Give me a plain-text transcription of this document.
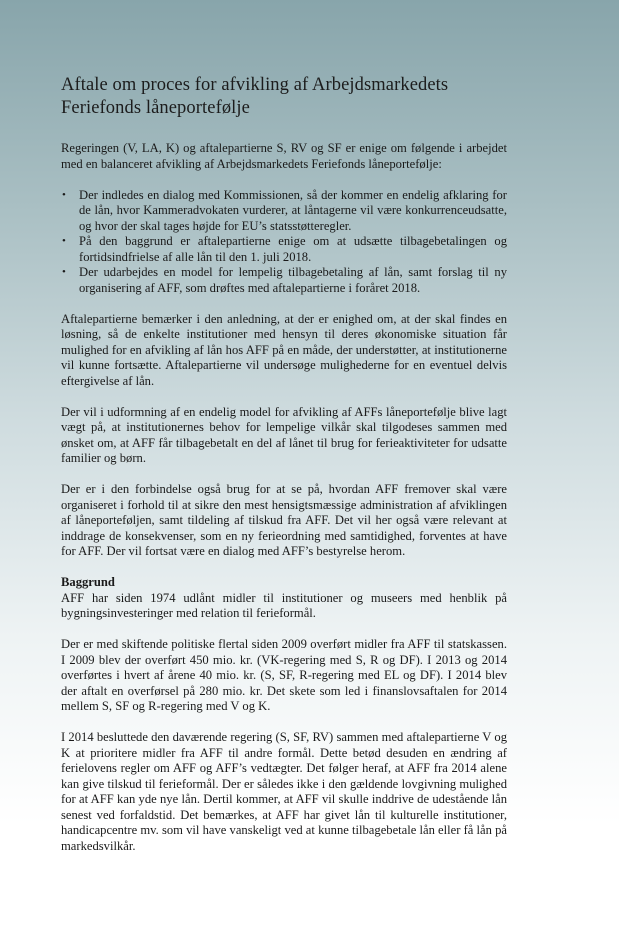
Aftale om proces for afvikling af Arbejdsmarkedets Feriefonds låneportefølje

Regeringen (V, LA, K) og aftalepartierne S, RV og SF er enige om følgende i arbejdet med en balanceret afvikling af Arbejdsmarkedets Feriefonds låneportefølje:

• Der indledes en dialog med Kommissionen, så der kommer en endelig afklaring for de lån, hvor Kammeradvokaten vurderer, at låntagerne vil være konkurrenceudsatte, og hvor der skal tages højde for EU’s statsstøtteregler.
• På den baggrund er aftalepartierne enige om at udsætte tilbagebetalingen og fortidsindfrielse af alle lån til den 1. juli 2018.
• Der udarbejdes en model for lempelig tilbagebetaling af lån, samt forslag til ny organisering af AFF, som drøftes med aftalepartierne i foråret 2018.

Aftalepartierne bemærker i den anledning, at der er enighed om, at der skal findes en løsning, så de enkelte institutioner med hensyn til deres økonomiske situation får mulighed for en afvikling af lån hos AFF på en måde, der understøtter, at institutionerne vil kunne fortsætte. Aftalepartierne vil undersøge mulighederne for en eventuel delvis eftergivelse af lån.

Der vil i udformning af en endelig model for afvikling af AFFs låneportefølje blive lagt vægt på, at institutionernes behov for lempelige vilkår skal tilgodeses sammen med ønsket om, at AFF får tilbagebetalt en del af lånet til brug for ferieaktiviteter for udsatte familier og børn.

Der er i den forbindelse også brug for at se på, hvordan AFF fremover skal være organiseret i forhold til at sikre den mest hensigtsmæssige administration af afviklingen af låneporteføljen, samt tildeling af tilskud fra AFF. Det vil her også være relevant at inddrage de konsekvenser, som en ny ferieordning med samtidighed, forventes at have for AFF. Der vil fortsat være en dialog med AFF’s bestyrelse herom.

Baggrund

AFF har siden 1974 udlånt midler til institutioner og museers med henblik på bygningsinvesteringer med relation til ferieformål.

Der er med skiftende politiske flertal siden 2009 overført midler fra AFF til statskassen. I 2009 blev der overført 450 mio. kr. (VK-regering med S, R og DF). I 2013 og 2014 overførtes i hvert af årene 40 mio. kr. (S, SF, R-regering med EL og DF). I 2014 blev der aftalt en overførsel på 280 mio. kr. Det skete som led i finanslovsaftalen for 2014 mellem S, SF og R-regering med V og K.

I 2014 besluttede den daværende regering (S, SF, RV) sammen med aftalepartierne V og K at prioritere midler fra AFF til andre formål. Dette betød desuden en ændring af ferielovens regler om AFF og AFF’s vedtægter. Det følger heraf, at AFF fra 2014 alene kan give tilskud til ferieformål. Der er således ikke i den gældende lovgivning mulighed for at AFF kan yde nye lån. Dertil kommer, at AFF vil skulle inddrive de udestående lån senest ved forfaldstid. Det bemærkes, at AFF har givet lån til kulturelle institutioner, handicapcentre mv. som vil have vanskeligt ved at kunne tilbagebetale lån eller få lån på markedsvilkår.
